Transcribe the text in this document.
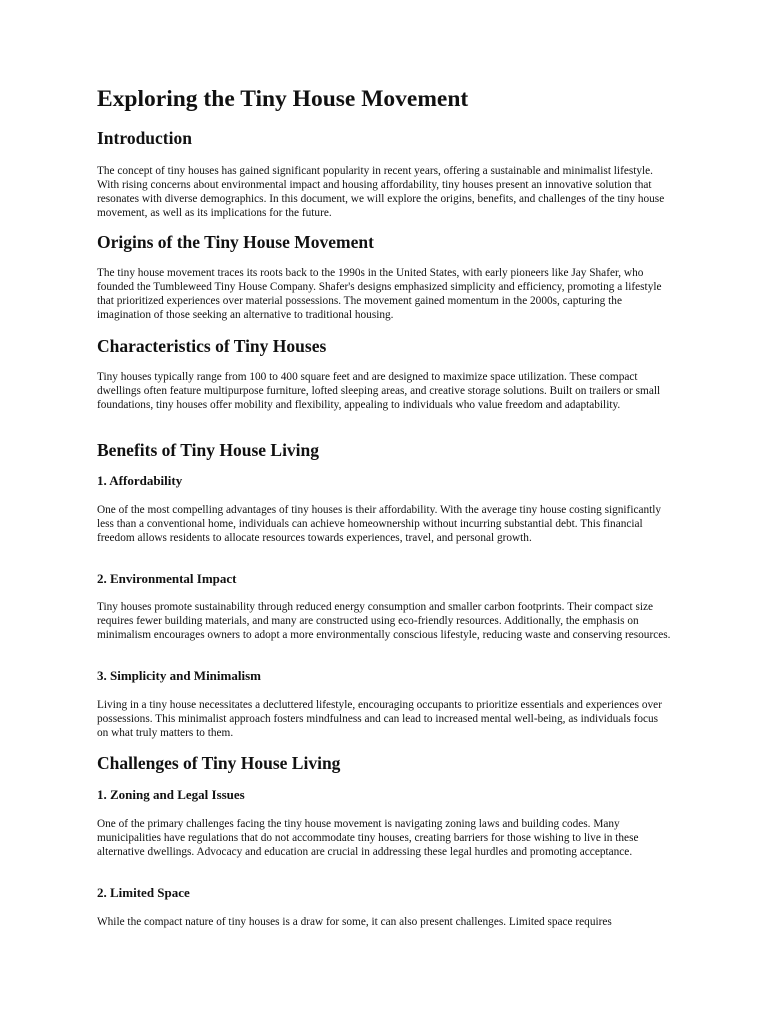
Exploring the Tiny House Movement
Introduction

The concept of tiny houses has gained significant popularity in recent years, offering a sustainable and minimalist lifestyle. With rising concerns about environmental impact and housing affordability, tiny houses present an innovative solution that resonates with diverse demographics. In this document, we will explore the origins, benefits, and challenges of the tiny house movement, as well as its implications for the future.

Origins of the Tiny House Movement

The tiny house movement traces its roots back to the 1990s in the United States, with early pioneers like Jay Shafer, who founded the Tumbleweed Tiny House Company. Shafer's designs emphasized simplicity and efficiency, promoting a lifestyle that prioritized experiences over material possessions. The movement gained momentum in the 2000s, capturing the imagination of those seeking an alternative to traditional housing.

Characteristics of Tiny Houses

Tiny houses typically range from 100 to 400 square feet and are designed to maximize space utilization. These compact dwellings often feature multipurpose furniture, lofted sleeping areas, and creative storage solutions. Built on trailers or small foundations, tiny houses offer mobility and flexibility, appealing to individuals who value freedom and adaptability.

Benefits of Tiny House Living
1. Affordability

One of the most compelling advantages of tiny houses is their affordability. With the average tiny house costing significantly less than a conventional home, individuals can achieve homeownership without incurring substantial debt. This financial freedom allows residents to allocate resources towards experiences, travel, and personal growth.

2. Environmental Impact

Tiny houses promote sustainability through reduced energy consumption and smaller carbon footprints. Their compact size requires fewer building materials, and many are constructed using eco-friendly resources. Additionally, the emphasis on minimalism encourages owners to adopt a more environmentally conscious lifestyle, reducing waste and conserving resources.

3. Simplicity and Minimalism

Living in a tiny house necessitates a decluttered lifestyle, encouraging occupants to prioritize essentials and experiences over possessions. This minimalist approach fosters mindfulness and can lead to increased mental well-being, as individuals focus on what truly matters to them.

Challenges of Tiny House Living
1. Zoning and Legal Issues

One of the primary challenges facing the tiny house movement is navigating zoning laws and building codes. Many municipalities have regulations that do not accommodate tiny houses, creating barriers for those wishing to live in these alternative dwellings. Advocacy and education are crucial in addressing these legal hurdles and promoting acceptance.

2. Limited Space

While the compact nature of tiny houses is a draw for some, it can also present challenges. Limited space requires
